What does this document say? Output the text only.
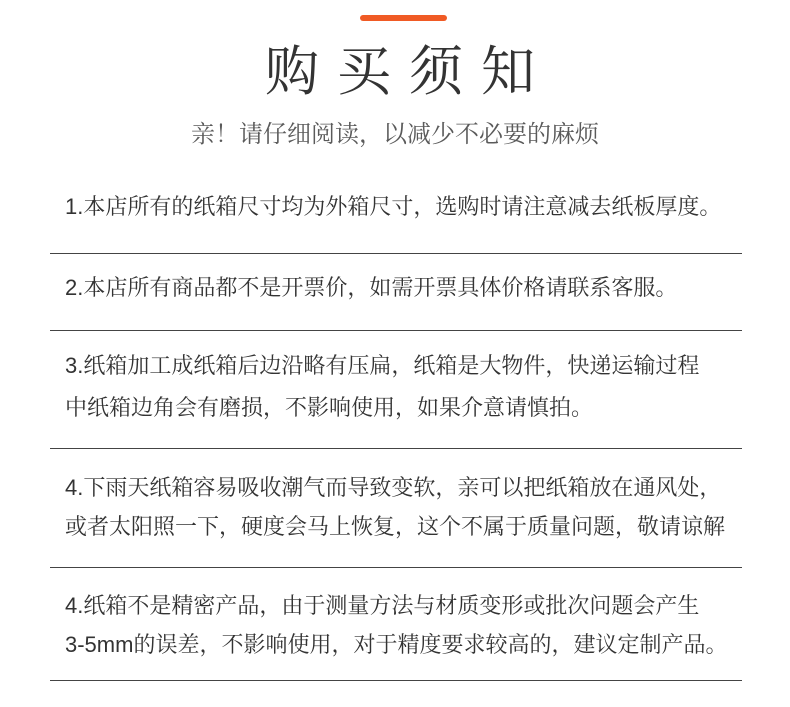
购买须知

亲！请仔细阅读，以减少不必要的麻烦

1.本店所有的纸箱尺寸均为外箱尺寸，选购时请注意减去纸板厚度。

2.本店所有商品都不是开票价，如需开票具体价格请联系客服。

3.纸箱加工成纸箱后边沿略有压扁，纸箱是大物件，快递运输过程

中纸箱边角会有磨损，不影响使用，如果介意请慎拍。

4.下雨天纸箱容易吸收潮气而导致变软，亲可以把纸箱放在通风处，

或者太阳照一下，硬度会马上恢复，这个不属于质量问题，敬请谅解

4.纸箱不是精密产品，由于测量方法与材质变形或批次问题会产生

3-5mm的误差，不影响使用，对于精度要求较高的，建议定制产品。
